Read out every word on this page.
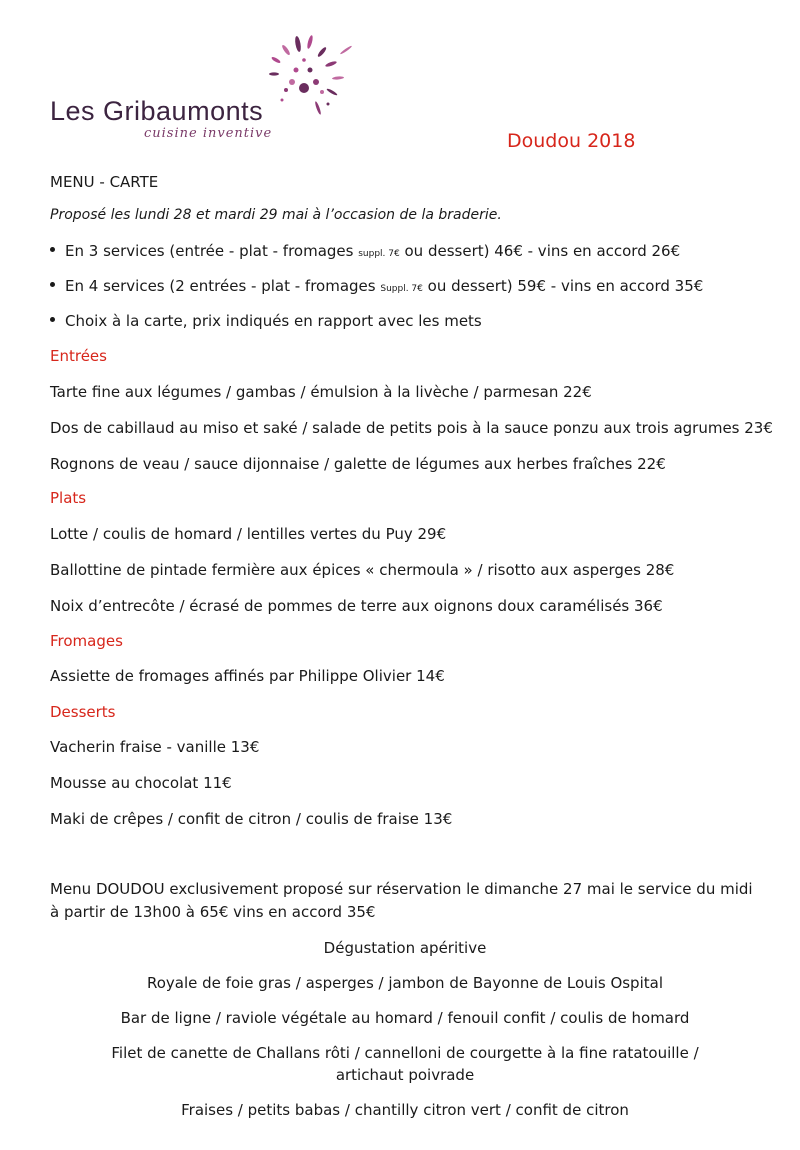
Les Gribaumonts
cuisine inventive	Doudou 2018
MENU - CARTE
Proposé les lundi 28 et mardi 29 mai à l’occasion de la braderie.
En 3 services (entrée - plat - fromages suppl. 7€ ou dessert) 46€ - vins en accord 26€
En 4 services (2 entrées - plat - fromages Suppl. 7€ ou dessert) 59€ - vins en accord 35€
Choix à la carte, prix indiqués en rapport avec les mets
Entrées
Tarte fine aux légumes / gambas / émulsion à la livèche / parmesan 22€
Dos de cabillaud au miso et saké / salade de petits pois à la sauce ponzu aux trois agrumes 23€
Rognons de veau / sauce dijonnaise / galette de légumes aux herbes fraîches 22€
Plats
Lotte / coulis de homard / lentilles vertes du Puy 29€
Ballottine de pintade fermière aux épices « chermoula » / risotto aux asperges 28€
Noix d’entrecôte / écrasé de pommes de terre aux oignons doux caramélisés 36€
Fromages
Assiette de fromages affinés par Philippe Olivier 14€
Desserts
Vacherin fraise - vanille 13€
Mousse au chocolat 11€
Maki de crêpes / confit de citron / coulis de fraise 13€
Menu DOUDOU exclusivement proposé sur réservation le dimanche 27 mai le service du midi à partir de 13h00 à 65€ vins en accord 35€
Dégustation apéritive
Royale de foie gras / asperges / jambon de Bayonne de Louis Ospital
Bar de ligne / raviole végétale au homard / fenouil confit / coulis de homard
Filet de canette de Challans rôti / cannelloni de courgette à la fine ratatouille / artichaut poivrade
Fraises / petits babas / chantilly citron vert / confit de citron
